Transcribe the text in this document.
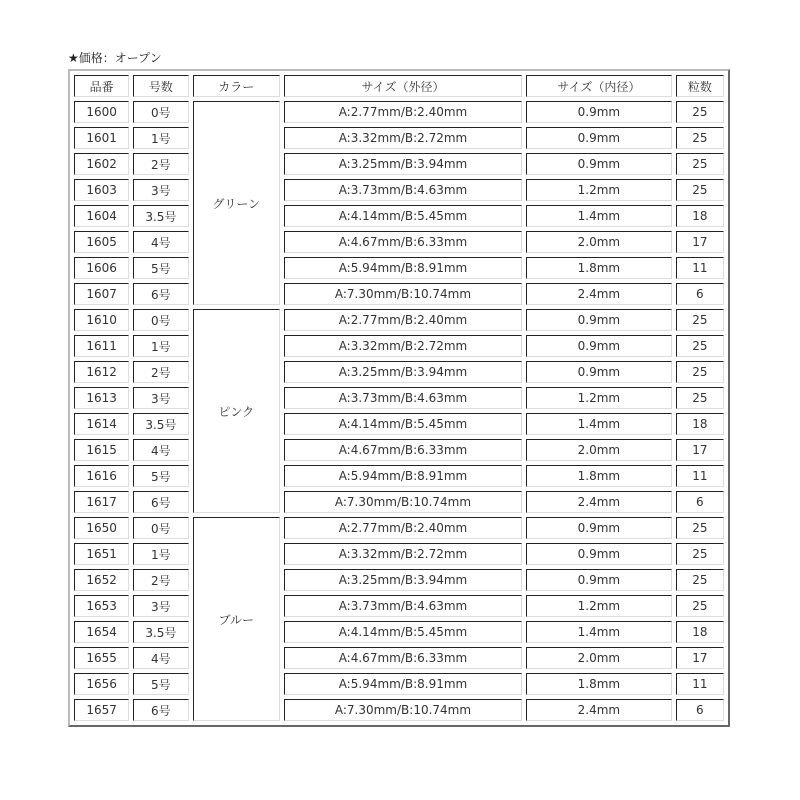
★価格：オープン
品番	号数	カラー	サイズ（外径）	サイズ（内径）	粒数
1600	0号	グリーン	A:2.77mm/B:2.40mm	0.9mm	25
1601	1号		A:3.32mm/B:2.72mm	0.9mm	25
1602	2号		A:3.25mm/B:3.94mm	0.9mm	25
1603	3号		A:3.73mm/B:4.63mm	1.2mm	25
1604	3.5号		A:4.14mm/B:5.45mm	1.4mm	18
1605	4号		A:4.67mm/B:6.33mm	2.0mm	17
1606	5号		A:5.94mm/B:8.91mm	1.8mm	11
1607	6号		A:7.30mm/B:10.74mm	2.4mm	6
1610	0号	ピンク	A:2.77mm/B:2.40mm	0.9mm	25
1611	1号		A:3.32mm/B:2.72mm	0.9mm	25
1612	2号		A:3.25mm/B:3.94mm	0.9mm	25
1613	3号		A:3.73mm/B:4.63mm	1.2mm	25
1614	3.5号		A:4.14mm/B:5.45mm	1.4mm	18
1615	4号		A:4.67mm/B:6.33mm	2.0mm	17
1616	5号		A:5.94mm/B:8.91mm	1.8mm	11
1617	6号		A:7.30mm/B:10.74mm	2.4mm	6
1650	0号	ブルー	A:2.77mm/B:2.40mm	0.9mm	25
1651	1号		A:3.32mm/B:2.72mm	0.9mm	25
1652	2号		A:3.25mm/B:3.94mm	0.9mm	25
1653	3号		A:3.73mm/B:4.63mm	1.2mm	25
1654	3.5号		A:4.14mm/B:5.45mm	1.4mm	18
1655	4号		A:4.67mm/B:6.33mm	2.0mm	17
1656	5号		A:5.94mm/B:8.91mm	1.8mm	11
1657	6号		A:7.30mm/B:10.74mm	2.4mm	6
